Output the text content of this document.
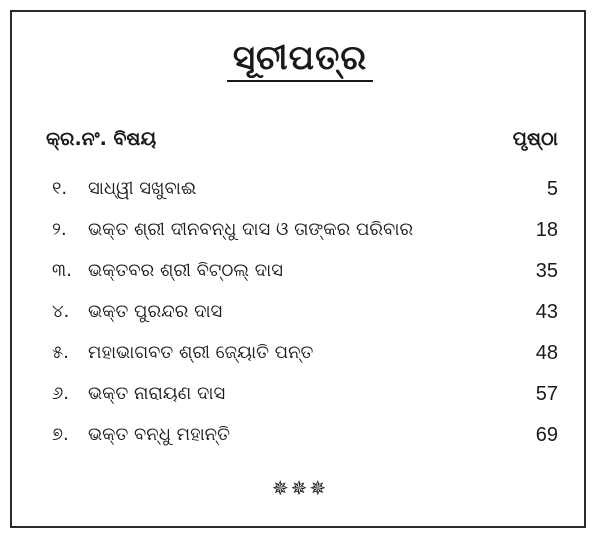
ସୂଚୀପତ୍ର
କ୍ର.ନଂ. ବିଷୟ	ପୃଷ୍ଠା
୧.	ସାଧ୍ୱୀ ସଖୁବାଈ	5
୨.	ଭକ୍ତ ଶ୍ରୀ ଦୀନବନ୍ଧୁ ଦାସ ଓ ତାଙ୍କର ପରିବାର	18
୩. ଭକ୍ତବର ଶ୍ରୀ ବିଟ୍‌ଠଲ୍ ଦାସ	35
୪.	ଭକ୍ତ ପୁରନ୍ଦର ଦାସ	43
୫.	ମହାଭାଗବତ ଶ୍ରୀ ଜ୍ୟୋତି ପନ୍ତ	48
୬.	ଭକ୍ତ ନାରାୟଣ ଦାସ	57
୭.	ଭକ୍ତ ବନ୍ଧୁ ମହାନ୍ତି	69
✵✵✵
